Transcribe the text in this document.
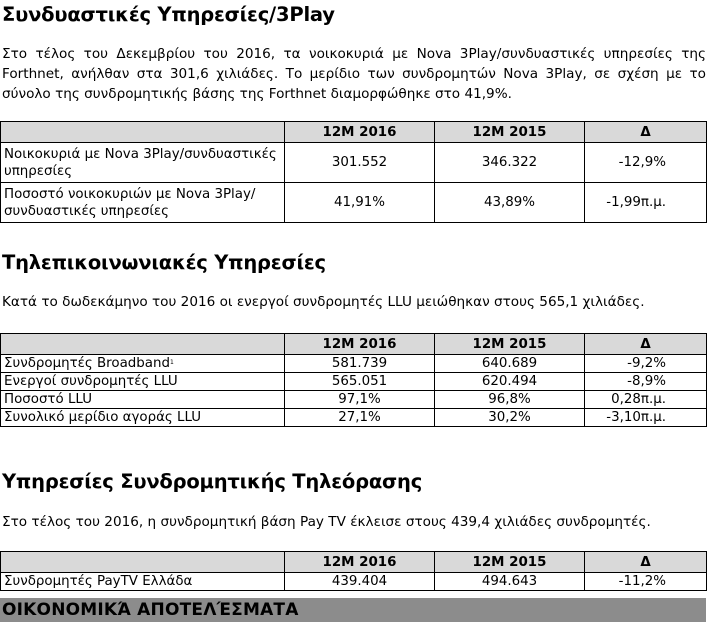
Συνδυαστικές Υπηρεσίες/3Play

Στο τέλος του Δεκεμβρίου του 2016, τα νοικοκυριά με Nova 3Play/συνδυαστικές υπηρεσίες της Forthnet, ανήλθαν στα 301,6 χιλιάδες. Το μερίδιο των συνδρομητών Nova 3Play, σε σχέση με το σύνολο της συνδρομητικής βάσης της Forthnet διαμορφώθηκε στο 41,9%.

	12M 2016	12M 2015	Δ
Νοικοκυριά με Nova 3Play/συνδυαστικές υπηρεσίες	301.552	346.322	-12,9%
Ποσοστό νοικοκυριών με Nova 3Play/συνδυαστικές υπηρεσίες	41,91%	43,89%	-1,99π.μ.
Τηλεπικοινωνιακές Υπηρεσίες

Κατά το δωδεκάμηνο του 2016 οι ενεργοί συνδρομητές LLU μειώθηκαν στους 565,1 χιλιάδες.

	12M 2016	12M 2015	Δ
Συνδρομητές Broadband$^1$	581.739	640.689	-9,2%
Ενεργοί συνδρομητές LLU	565.051	620.494	-8,9%
Ποσοστό LLU	97,1%	96,8%	0,28π.μ.
Συνολικό μερίδιο αγοράς LLU	27,1%	30,2%	-3,10π.μ.
Υπηρεσίες Συνδρομητικής Τηλεόρασης

Στο τέλος του 2016, η συνδρομητική βάση Pay TV έκλεισε στους 439,4 χιλιάδες συνδρομητές.

	12M 2016	12M 2015	Δ
Συνδρομητές PayTV Ελλάδα	439.404	494.643	-11,2%
ΟΙΚΟΝΟΜΙΚΆ ΑΠΟΤΕΛΈΣΜΑΤΑ
